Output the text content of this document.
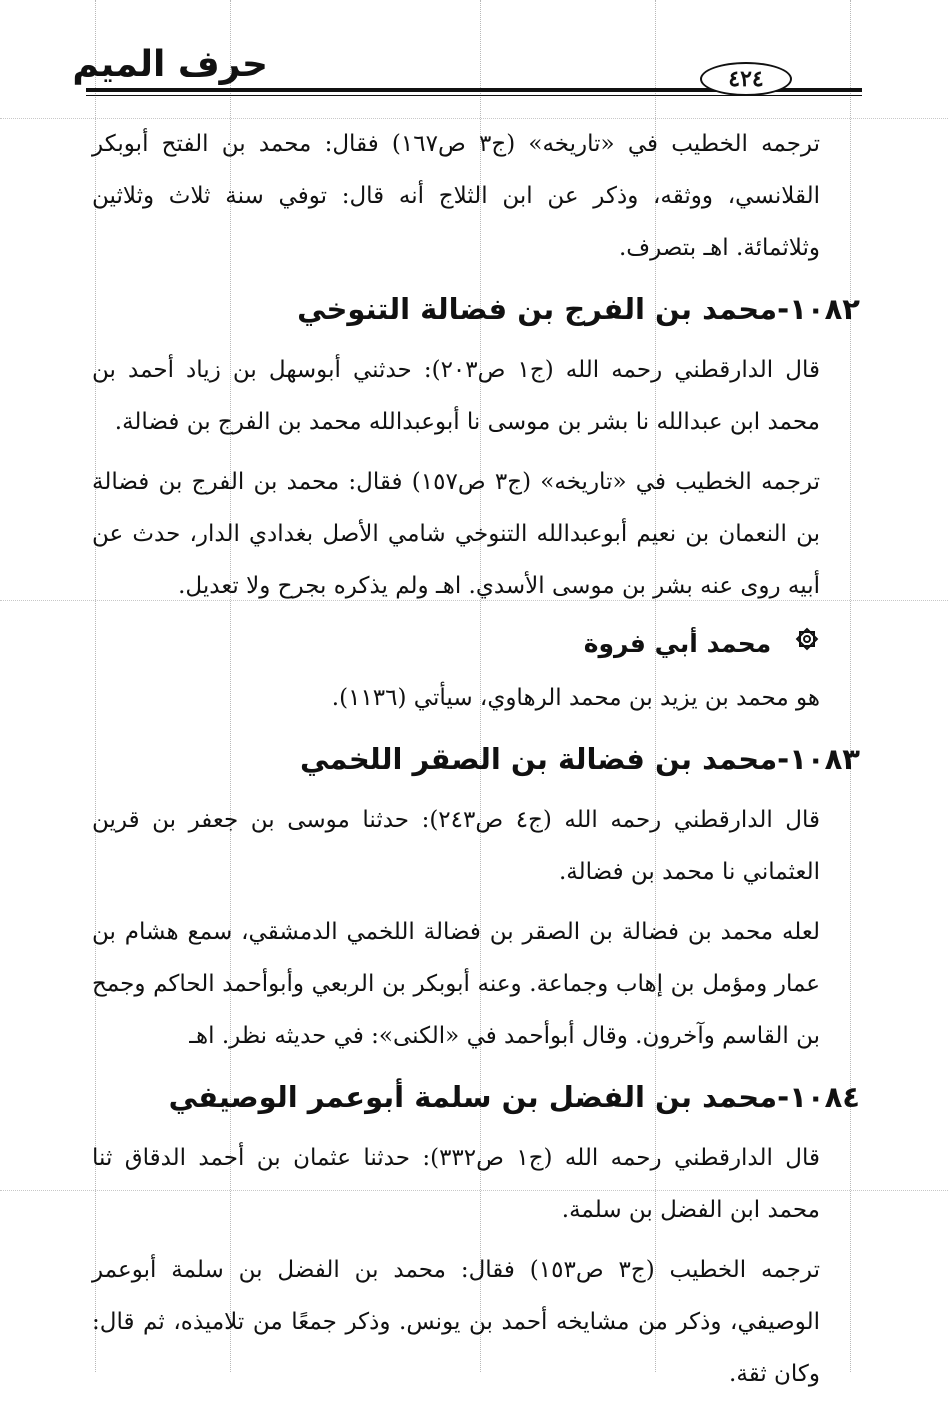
حرف الميم	٤٢٤

ترجمه الخطيب في «تاريخه» (ج٣ ص١٦٧) فقال: محمد بن الفتح أبوبكر القلانسي، ووثقه، وذكر عن ابن الثلاج أنه قال: توفي سنة ثلاث وثلاثين وثلاثمائة. اهـ بتصرف.

١٠٨٢-محمد بن الفرج بن فضالة التنوخي

قال الدارقطني رحمه الله (ج١ ص٢٠٣): حدثني أبوسهل بن زياد أحمد بن محمد ابن عبدالله نا بشر بن موسى نا أبوعبدالله محمد بن الفرج بن فضالة.

ترجمه الخطيب في «تاريخه» (ج٣ ص١٥٧) فقال: محمد بن الفرج بن فضالة بن النعمان بن نعيم أبوعبدالله التنوخي شامي الأصل بغدادي الدار، حدث عن أبيه روى عنه بشر بن موسى الأسدي. اهـ ولم يذكره بجرح ولا تعديل.

محمد أبي فروة

هو محمد بن يزيد بن محمد الرهاوي، سيأتي (١١٣٦).

١٠٨٣-محمد بن فضالة بن الصقر اللخمي

قال الدارقطني رحمه الله (ج٤ ص٢٤٣): حدثنا موسى بن جعفر بن قرين العثماني نا محمد بن فضالة.

لعله محمد بن فضالة بن الصقر بن فضالة اللخمي الدمشقي، سمع هشام بن عمار ومؤمل بن إهاب وجماعة. وعنه أبوبكر بن الربعي وأبوأحمد الحاكم وجمح بن القاسم وآخرون. وقال أبوأحمد في «الكنى»: في حديثه نظر. اهـ

١٠٨٤-محمد بن الفضل بن سلمة أبوعمر الوصيفي

قال الدارقطني رحمه الله (ج١ ص٣٣٢): حدثنا عثمان بن أحمد الدقاق ثنا محمد ابن الفضل بن سلمة.

ترجمه الخطيب (ج٣ ص١٥٣) فقال: محمد بن الفضل بن سلمة أبوعمر الوصيفي، وذكر من مشايخه أحمد بن يونس. وذكر جمعًا من تلاميذه، ثم قال: وكان ثقة.
